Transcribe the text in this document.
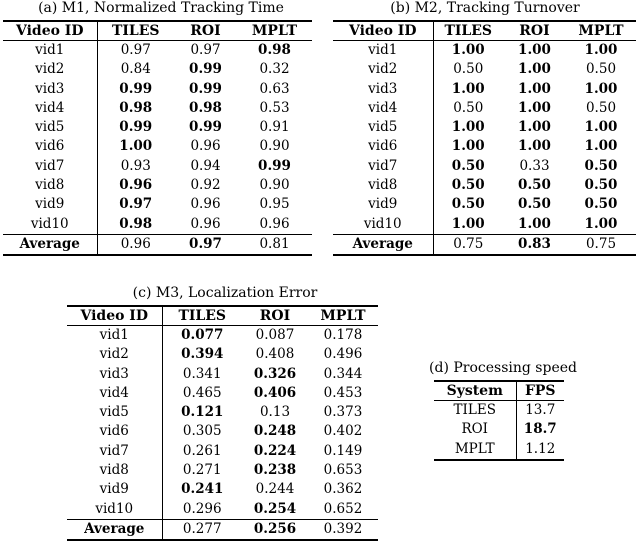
(a) M1, Normalized Tracking Time
Video ID	TILES	ROI	MPLT
vid1	0.97	0.97	0.98
vid2	0.84	0.99	0.32
vid3	0.99	0.99	0.63
vid4	0.98	0.98	0.53
vid5	0.99	0.99	0.91
vid6	1.00	0.96	0.90
vid7	0.93	0.94	0.99
vid8	0.96	0.92	0.90
vid9	0.97	0.96	0.95
vid10	0.98	0.96	0.96
Average	0.96	0.97	0.81
(b) M2, Tracking Turnover
Video ID	TILES	ROI	MPLT
vid1	1.00	1.00	1.00
vid2	0.50	1.00	0.50
vid3	1.00	1.00	1.00
vid4	0.50	1.00	0.50
vid5	1.00	1.00	1.00
vid6	1.00	1.00	1.00
vid7	0.50	0.33	0.50
vid8	0.50	0.50	0.50
vid9	0.50	0.50	0.50
vid10	1.00	1.00	1.00
Average	0.75	0.83	0.75
(c) M3, Localization Error
Video ID	TILES	ROI	MPLT
vid1	0.077	0.087	0.178
vid2	0.394	0.408	0.496
vid3	0.341	0.326	0.344
vid4	0.465	0.406	0.453
vid5	0.121	0.13	0.373
vid6	0.305	0.248	0.402
vid7	0.261	0.224	0.149
vid8	0.271	0.238	0.653
vid9	0.241	0.244	0.362
vid10	0.296	0.254	0.652
Average	0.277	0.256	0.392
(d) Processing speed
System	FPS
TILES	13.7
ROI	18.7
MPLT	1.12
